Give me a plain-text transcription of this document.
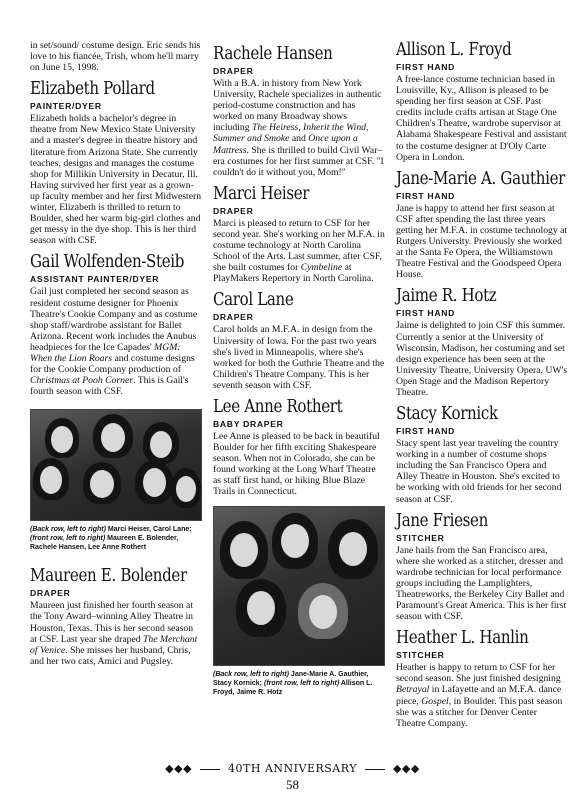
in set/sound/ costume design. Eric sends his love to his fiancée, Trish, whom he'll marry on June 15, 1998.

Elizabeth Pollard
PAINTER/DYER

Elizabeth holds a bachelor's degree in theatre from New Mexico State University and a master's degree in theatre history and literature from Arizona State. She currently teaches, designs and manages the costume shop for Millikin University in Decatur, Ill. Having survived her first year as a grown-up faculty member and her first Midwestern winter, Elizabeth is thrilled to return to Boulder, shed her warm big-girl clothes and get messy in the dye shop. This is her third season with CSF.

Gail Wolfenden-Steib
ASSISTANT PAINTER/DYER

Gail just completed her second season as resident costume designer for Phoenix Theatre's Cookie Company and as costume shop staff/wardrobe assistant for Ballet Arizona. Recent work includes the Anubus headpieces for the Ice Capades' MGM: When the Lion Roars and costume designs for the Cookie Company production of Christmas at Pooh Corner. This is Gail's fourth season with CSF.

(Back row, left to right) Marci Heiser, Carol Lane; (front row, left to right) Maureen E. Bolender, Rachele Hansen, Lee Anne Rothert

Maureen E. Bolender
DRAPER

Maureen just finished her fourth season at the Tony Award–winning Alley Theatre in Houston, Texas. This is her second season at CSF. Last year she draped The Merchant of Venice. She misses her husband, Chris, and her two cats, Amici and Pugsley.

Rachele Hansen
DRAPER

With a B.A. in history from New York University, Rachele specializes in authentic period-costume construction and has worked on many Broadway shows including The Heiress, Inherit the Wind, Summer and Smoke and Once upon a Mattress. She is thrilled to build Civil War–era costumes for her first summer at CSF. "I couldn't do it without you, Mom!"

Marci Heiser
DRAPER

Marci is pleased to return to CSF for her second year. She's working on her M.F.A. in costume technology at North Carolina School of the Arts. Last summer, after CSF, she built costumes for Cymbeline at PlayMakers Repertory in North Carolina.

Carol Lane
DRAPER

Carol holds an M.F.A. in design from the University of Iowa. For the past two years she's lived in Minneapolis, where she's worked for both the Guthrie Theatre and the Children's Theatre Company. This is her seventh season with CSF.

Lee Anne Rothert
BABY DRAPER

Lee Anne is pleased to be back in beautiful Boulder for her fifth exciting Shakespeare season. When not in Colorado, she can be found working at the Long Wharf Theatre as staff first hand, or hiking Blue Blaze Trails in Connecticut.

(Back row, left to right) Jane-Marie A. Gauthier, Stacy Kornick; (front row, left to right) Allison L. Froyd, Jaime R. Hotz

Allison L. Froyd
FIRST HAND

A free-lance costume technician based in Louisville, Ky., Allison is pleased to be spending her first season at CSF. Past credits include crafts artisan at Stage One Children's Theatre, wardrobe supervisor at Alabama Shakespeare Festival and assistant to the costume designer at D'Oly Carte Opera in London.

Jane-Marie A. Gauthier
FIRST HAND

Jane is happy to attend her first season at CSF after spending the last three years getting her M.F.A. in costume technology at Rutgers University. Previously she worked at the Santa Fe Opera, the Williamstown Theatre Festival and the Goodspeed Opera House.

Jaime R. Hotz
FIRST HAND

Jaime is delighted to join CSF this summer. Currently a senior at the University of Wisconsin, Madison, her costuming and set design experience has been seen at the University Theatre, University Opera, UW's Open Stage and the Madison Repertory Theatre.

Stacy Kornick
FIRST HAND

Stacy spent last year traveling the country working in a number of costume shops including the San Francisco Opera and Alley Theatre in Houston. She's excited to be working with old friends for her second season at CSF.

Jane Friesen
STITCHER

Jane hails from the San Francisco area, where she worked as a stitcher, dresser and wardrobe technician for local performance groups including the Lamplighters, Theatreworks, the Berkeley City Ballet and Paramount's Great America. This is her first season with CSF.

Heather L. Hanlin
STITCHER

Heather is happy to return to CSF for her second season. She just finished designing Betrayal in Lafayette and an M.F.A. dance piece, Gospel, in Boulder. This past season she was a stitcher for Denver Center Theatre Company.

◆◆◆	40TH ANNIVERSARY	◆◆◆
58
